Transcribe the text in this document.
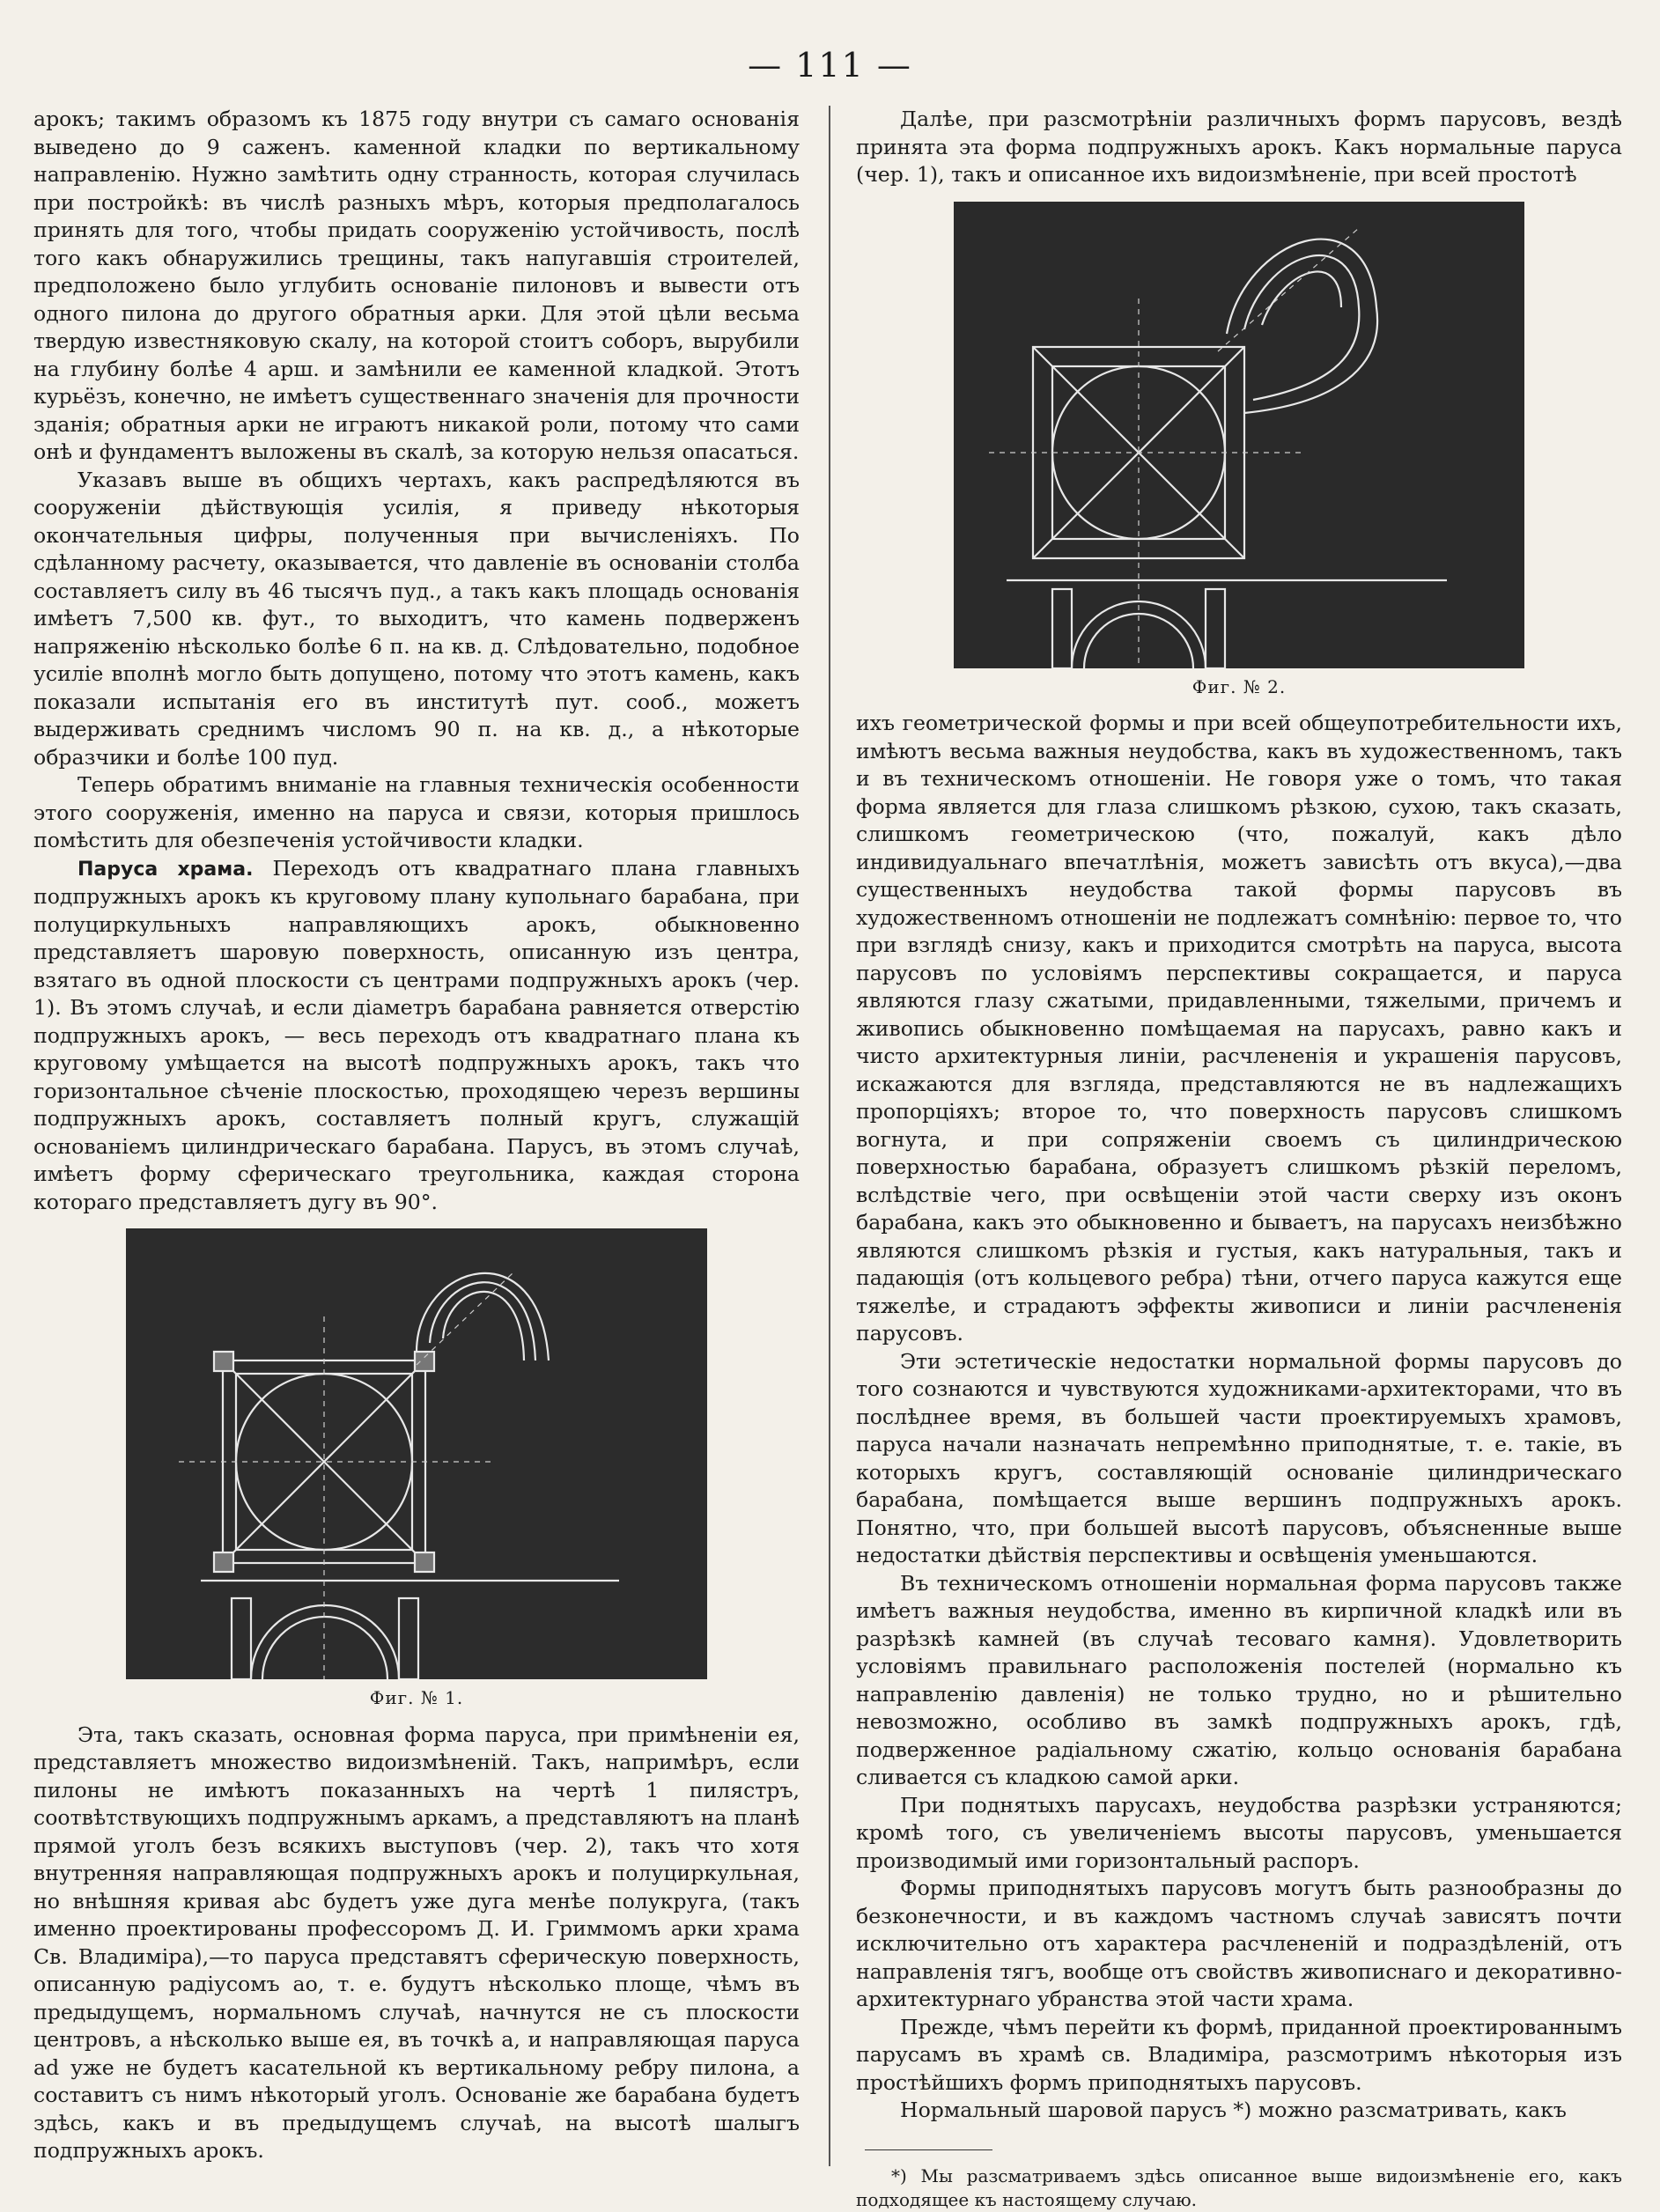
— 111 —

арокъ; такимъ образомъ къ 1875 году внутри съ самаго основанія выведено до 9 саженъ. каменной кладки по вертикальному направленію. Нужно замѣтить одну странность, которая случилась при постройкѣ: въ числѣ разныхъ мѣръ, которыя предполагалось принять для того, чтобы придать сооруженію устойчивость, послѣ того какъ обнаружились трещины, такъ напугавшія строителей, предположено было углубить основаніе пилоновъ и вывести отъ одного пилона до другого обратныя арки. Для этой цѣли весьма твердую известняковую скалу, на которой стоитъ соборъ, вырубили на глубину болѣе 4 арш. и замѣнили ее каменной кладкой. Этотъ курьёзъ, конечно, не имѣетъ существеннаго значенія для прочности зданія; обратныя арки не играютъ никакой роли, потому что сами онѣ и фундаментъ выложены въ скалѣ, за которую нельзя опасаться.

Указавъ выше въ общихъ чертахъ, какъ распредѣляются въ сооруженіи дѣйствующія усилія, я приведу нѣкоторыя окончательныя цифры, полученныя при вычисленіяхъ. По сдѣланному расчету, оказывается, что давленіе въ основаніи столба составляетъ силу въ 46 тысячъ пуд., а такъ какъ площадь основанія имѣетъ 7,500 кв. фут., то выходитъ, что камень подверженъ напряженію нѣсколько болѣе 6 п. на кв. д. Слѣдовательно, подобное усиліе вполнѣ могло быть допущено, потому что этотъ камень, какъ показали испытанія его въ институтѣ пут. сооб., можетъ выдерживать среднимъ числомъ 90 п. на кв. д., а нѣкоторые образчики и болѣе 100 пуд.

Теперь обратимъ вниманіе на главныя техническія особенности этого сооруженія, именно на паруса и связи, которыя пришлось помѣстить для обезпеченія устойчивости кладки.

Паруса храма. Переходъ отъ квадратнаго плана главныхъ подпружныхъ арокъ къ круговому плану купольнаго барабана, при полуциркульныхъ направляющихъ арокъ, обыкновенно представляетъ шаровую поверхность, описанную изъ центра, взятаго въ одной плоскости съ центрами подпружныхъ арокъ (чер. 1). Въ этомъ случаѣ, и если діаметръ барабана равняется отверстію подпружныхъ арокъ, — весь переходъ отъ квадратнаго плана къ круговому умѣщается на высотѣ подпружныхъ арокъ, такъ что горизонтальное сѣченіе плоскостью, проходящею черезъ вершины подпружныхъ арокъ, составляетъ полный кругъ, служащій основаніемъ цилиндрическаго барабана. Парусъ, въ этомъ случаѣ, имѣетъ форму сферическаго треугольника, каждая сторона котораго представляетъ дугу въ 90°.

Фиг. № 1.

Эта, такъ сказать, основная форма паруса, при примѣненіи ея, представляетъ множество видоизмѣненій. Такъ, напримѣръ, если пилоны не имѣютъ показанныхъ на чертѣ 1 пилястръ, соотвѣтствующихъ подпружнымъ аркамъ, а представляютъ на планѣ прямой уголъ безъ всякихъ выступовъ (чер. 2), такъ что хотя внутренняя направляющая подпружныхъ арокъ и полуциркульная, но внѣшняя кривая abc будетъ уже дуга менѣе полукруга, (такъ именно проектированы профессоромъ Д. И. Гриммомъ арки храма Св. Владиміра),—то паруса представятъ сферическую поверхность, описанную радіусомъ ao, т. е. будутъ нѣсколько площе, чѣмъ въ предыдущемъ, нормальномъ случаѣ, начнутся не съ плоскости центровъ, а нѣсколько выше ея, въ точкѣ a, и направляющая паруса ad уже не будетъ касательной къ вертикальному ребру пилона, а составитъ съ нимъ нѣкоторый уголъ. Основаніе же барабана будетъ здѣсь, какъ и въ предыдущемъ случаѣ, на высотѣ шалыгъ подпружныхъ арокъ.

Далѣе, при разсмотрѣніи различныхъ формъ парусовъ, вездѣ принята эта форма подпружныхъ арокъ. Какъ нормальные паруса (чер. 1), такъ и описанное ихъ видоизмѣненіе, при всей простотѣ

Фиг. № 2.

ихъ геометрической формы и при всей общеупотребительности ихъ, имѣютъ весьма важныя неудобства, какъ въ художественномъ, такъ и въ техническомъ отношеніи. Не говоря уже о томъ, что такая форма является для глаза слишкомъ рѣзкою, сухою, такъ сказать, слишкомъ геометрическою (что, пожалуй, какъ дѣло индивидуальнаго впечатлѣнія, можетъ зависѣть отъ вкуса),—два существенныхъ неудобства такой формы парусовъ въ художественномъ отношеніи не подлежатъ сомнѣнію: первое то, что при взглядѣ снизу, какъ и приходится смотрѣть на паруса, высота парусовъ по условіямъ перспективы сокращается, и паруса являются глазу сжатыми, придавленными, тяжелыми, причемъ и живопись обыкновенно помѣщаемая на парусахъ, равно какъ и чисто архитектурныя линіи, расчлененія и украшенія парусовъ, искажаются для взгляда, представляются не въ надлежащихъ пропорціяхъ; второе то, что поверхность парусовъ слишкомъ вогнута, и при сопряженіи своемъ съ цилиндрическою поверхностью барабана, образуетъ слишкомъ рѣзкій переломъ, вслѣдствіе чего, при освѣщеніи этой части сверху изъ оконъ барабана, какъ это обыкновенно и бываетъ, на парусахъ неизбѣжно являются слишкомъ рѣзкія и густыя, какъ натуральныя, такъ и падающія (отъ кольцевого ребра) тѣни, отчего паруса кажутся еще тяжелѣе, и страдаютъ эффекты живописи и линіи расчлененія парусовъ.

Эти эстетическіе недостатки нормальной формы парусовъ до того сознаются и чувствуются художниками-архитекторами, что въ послѣднее время, въ большей части проектируемыхъ храмовъ, паруса начали назначать непремѣнно приподнятые, т. е. такіе, въ которыхъ кругъ, составляющій основаніе цилиндрическаго барабана, помѣщается выше вершинъ подпружныхъ арокъ. Понятно, что, при большей высотѣ парусовъ, объясненные выше недостатки дѣйствія перспективы и освѣщенія уменьшаются.

Въ техническомъ отношеніи нормальная форма парусовъ также имѣетъ важныя неудобства, именно въ кирпичной кладкѣ или въ разрѣзкѣ камней (въ случаѣ тесоваго камня). Удовлетворить условіямъ правильнаго расположенія постелей (нормально къ направленію давленія) не только трудно, но и рѣшительно невозможно, особливо въ замкѣ подпружныхъ арокъ, гдѣ, подверженное радіальному сжатію, кольцо основанія барабана сливается съ кладкою самой арки.

При поднятыхъ парусахъ, неудобства разрѣзки устраняются; кромѣ того, съ увеличеніемъ высоты парусовъ, уменьшается производимый ими горизонтальный распоръ.

Формы приподнятыхъ парусовъ могутъ быть разнообразны до безконечности, и въ каждомъ частномъ случаѣ зависятъ почти исключительно отъ характера расчлененій и подраздѣленій, отъ направленія тягъ, вообще отъ свойствъ живописнаго и декоративно-архитектурнаго убранства этой части храма.

Прежде, чѣмъ перейти къ формѣ, приданной проектированнымъ парусамъ въ храмѣ св. Владиміра, разсмотримъ нѣкоторыя изъ простѣйшихъ формъ приподнятыхъ парусовъ.

Нормальный шаровой парусъ *) можно разсматривать, какъ

*) Мы разсматриваемъ здѣсь описанное выше видоизмѣненіе его, какъ подходящее къ настоящему случаю.
